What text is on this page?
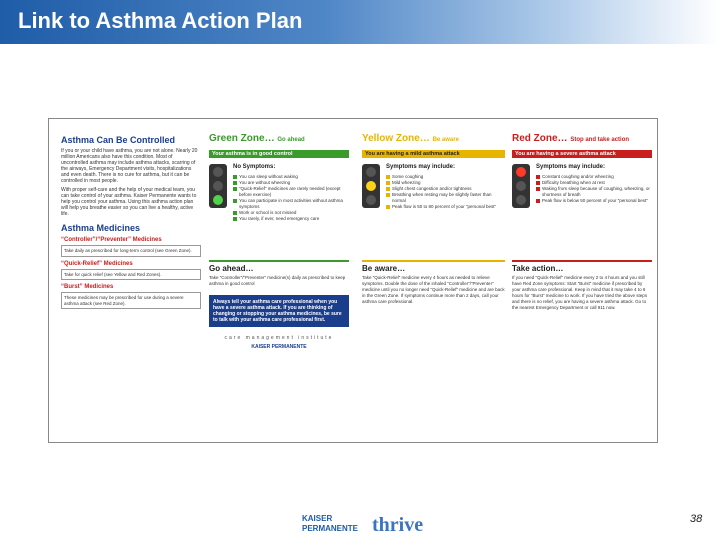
Link to Asthma Action Plan
Asthma Can Be Controlled
If you or your child have asthma, you are not alone. Nearly 20 million Americans also have this condition. Most of uncontrolled asthma may include asthma attacks, scarring of the airways, Emergency Department visits, hospitalizations and even death. There is no cure for asthma, but it can be controlled in most people.
With proper self-care and the help of your medical team, you can take control of your asthma. Kaiser Permanente wants to help you control your asthma. Using this asthma action plan will help you breathe easier so you can live a healthy, active life.
Asthma Medicines
“Controller”/“Preventer” Medicines
Take daily as prescribed for long-term control (see Green Zone).
“Quick-Relief” Medicines
Take for quick relief (see Yellow and Red Zones).
“Burst” Medicines
These medicines may be prescribed for use during a severe asthma attack (see Red Zone).
Green Zone… Go ahead
Your asthma is in good control
No Symptoms:
You can sleep without waking
You are without wheezing
“Quick-Relief” medicines are rarely needed (except before exercise)
You can participate in most activities without asthma symptoms
Work or school is not missed
You rarely, if ever, need emergency care
Go ahead…
Take “Controller”/“Preventer” medicine(s) daily as prescribed to keep asthma in good control
Always tell your asthma care professional when you have a severe asthma attack. If you are thinking of changing or stopping your asthma medicines, be sure to talk with your asthma care professional first.
care management institute
KAISER PERMANENTE
Yellow Zone… Be aware
You are having a mild asthma attack
Symptoms may include:
Some coughing
Mild wheezing
Slight chest congestion and/or tightness
Breathing when resting may be slightly faster than normal
Peak flow is 50 to 80 percent of your “personal best”
Be aware…
Take “Quick-Relief” medicine every 4 hours as needed to relieve symptoms. Double the dose of the inhaled “Controller”/“Preventer” medicine until you no longer need “Quick-Relief” medicine and are back in the Green Zone. If symptoms continue more than 2 days, call your asthma care professional.
Red Zone… Stop and take action
You are having a severe asthma attack
Symptoms may include:
Constant coughing and/or wheezing
Difficulty breathing when at rest
Waking from sleep because of coughing, wheezing, or shortness of breath
Peak flow is below 50 percent of your “personal best”
Take action…
If you need “Quick-Relief” medicine every 2 to 4 hours and you still have Red Zone symptoms: Start “Burst” medicine if prescribed by your asthma care professional. Keep in mind that it may take 4 to 6 hours for “Burst” medicine to work. If you have tried the above steps and there is no relief, you are having a severe asthma attack. Go to the nearest Emergency Department or call 911 now.
KAISER
PERMANENTE thrive	38
